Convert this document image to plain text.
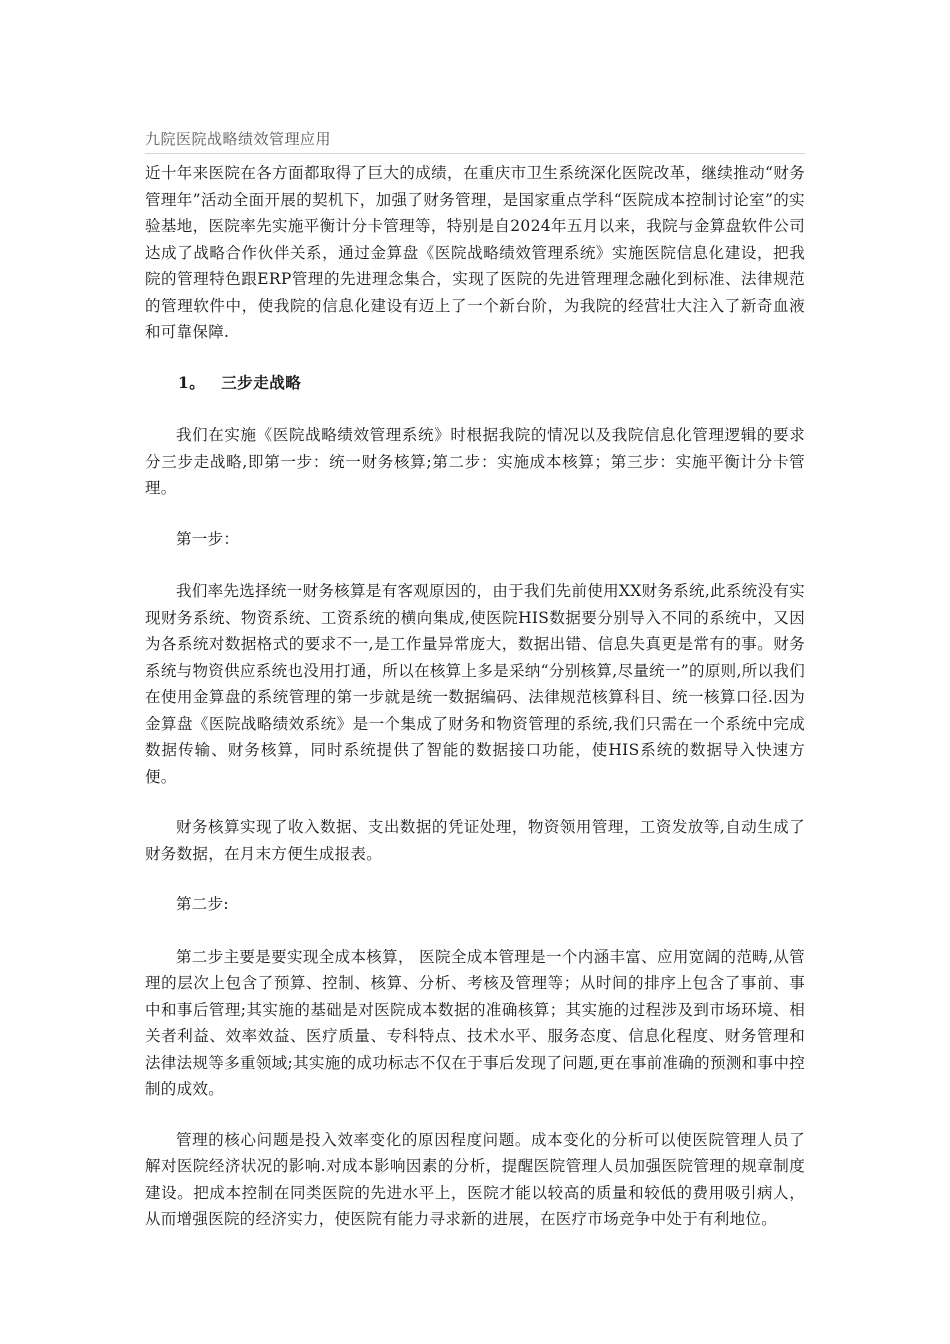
九院医院战略绩效管理应用

近十年来医院在各方面都取得了巨大的成绩，在重庆市卫生系统深化医院改革，继续推动“财务管理年”活动全面开展的契机下，加强了财务管理，是国家重点学科“医院成本控制讨论室”的实验基地，医院率先实施平衡计分卡管理等，特别是自2024年五月以来，我院与金算盘软件公司达成了战略合作伙伴关系，通过金算盘《医院战略绩效管理系统》实施医院信息化建设，把我院的管理特色跟ERP管理的先进理念集合，实现了医院的先进管理理念融化到标准、法律规范的管理软件中，使我院的信息化建设有迈上了一个新台阶，为我院的经营壮大注入了新奇血液和可靠保障.

1。 三步走战略

我们在实施《医院战略绩效管理系统》时根据我院的情况以及我院信息化管理逻辑的要求分三步走战略,即第一步：统一财务核算;第二步：实施成本核算；第三步：实施平衡计分卡管理。

第一步：

我们率先选择统一财务核算是有客观原因的，由于我们先前使用XX财务系统,此系统没有实现财务系统、物资系统、工资系统的横向集成,使医院HIS数据要分别导入不同的系统中，又因为各系统对数据格式的要求不一,是工作量异常庞大，数据出错、信息失真更是常有的事。财务系统与物资供应系统也没用打通，所以在核算上多是采纳“分别核算,尽量统一”的原则,所以我们在使用金算盘的系统管理的第一步就是统一数据编码、法律规范核算科目、统一核算口径.因为金算盘《医院战略绩效系统》是一个集成了财务和物资管理的系统,我们只需在一个系统中完成数据传输、财务核算，同时系统提供了智能的数据接口功能，使HIS系统的数据导入快速方便。

财务核算实现了收入数据、支出数据的凭证处理，物资领用管理，工资发放等,自动生成了财务数据，在月末方便生成报表。

第二步:

第二步主要是要实现全成本核算， 医院全成本管理是一个内涵丰富、应用宽阔的范畴,从管理的层次上包含了预算、控制、核算、分析、考核及管理等；从时间的排序上包含了事前、事中和事后管理;其实施的基础是对医院成本数据的准确核算；其实施的过程涉及到市场环境、相关者利益、效率效益、医疗质量、专科特点、技术水平、服务态度、信息化程度、财务管理和法律法规等多重领域;其实施的成功标志不仅在于事后发现了问题,更在事前准确的预测和事中控制的成效。

管理的核心问题是投入效率变化的原因程度问题。成本变化的分析可以使医院管理人员了解对医院经济状况的影响.对成本影响因素的分析，提醒医院管理人员加强医院管理的规章制度建设。把成本控制在同类医院的先进水平上，医院才能以较高的质量和较低的费用吸引病人，从而增强医院的经济实力，使医院有能力寻求新的进展，在医疗市场竞争中处于有利地位。
